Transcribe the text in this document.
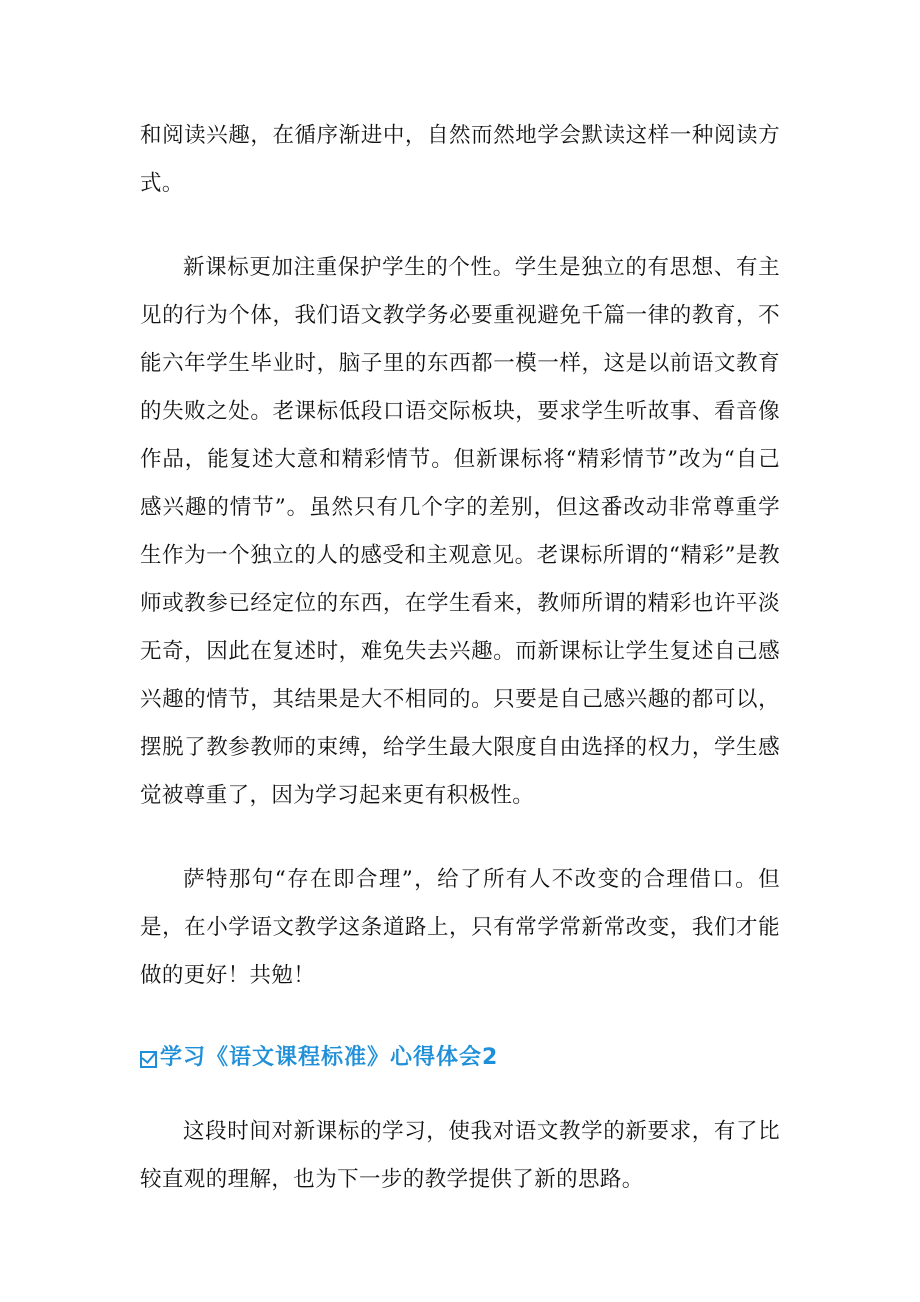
和阅读兴趣，在循序渐进中，自然而然地学会默读这样一种阅读方式。

新课标更加注重保护学生的个性。学生是独立的有思想、有主见的行为个体，我们语文教学务必要重视避免千篇一律的教育，不能六年学生毕业时，脑子里的东西都一模一样，这是以前语文教育的失败之处。老课标低段口语交际板块，要求学生听故事、看音像作品，能复述大意和精彩情节。但新课标将“精彩情节”改为“自己感兴趣的情节”。虽然只有几个字的差别，但这番改动非常尊重学生作为一个独立的人的感受和主观意见。老课标所谓的“精彩”是教师或教参已经定位的东西，在学生看来，教师所谓的精彩也许平淡无奇，因此在复述时，难免失去兴趣。而新课标让学生复述自己感兴趣的情节，其结果是大不相同的。只要是自己感兴趣的都可以，摆脱了教参教师的束缚，给学生最大限度自由选择的权力，学生感觉被尊重了，因为学习起来更有积极性。

萨特那句“存在即合理”，给了所有人不改变的合理借口。但是，在小学语文教学这条道路上，只有常学常新常改变，我们才能做的更好！共勉！

学习《语文课程标准》心得体会2

这段时间对新课标的学习，使我对语文教学的新要求，有了比较直观的理解，也为下一步的教学提供了新的思路。
